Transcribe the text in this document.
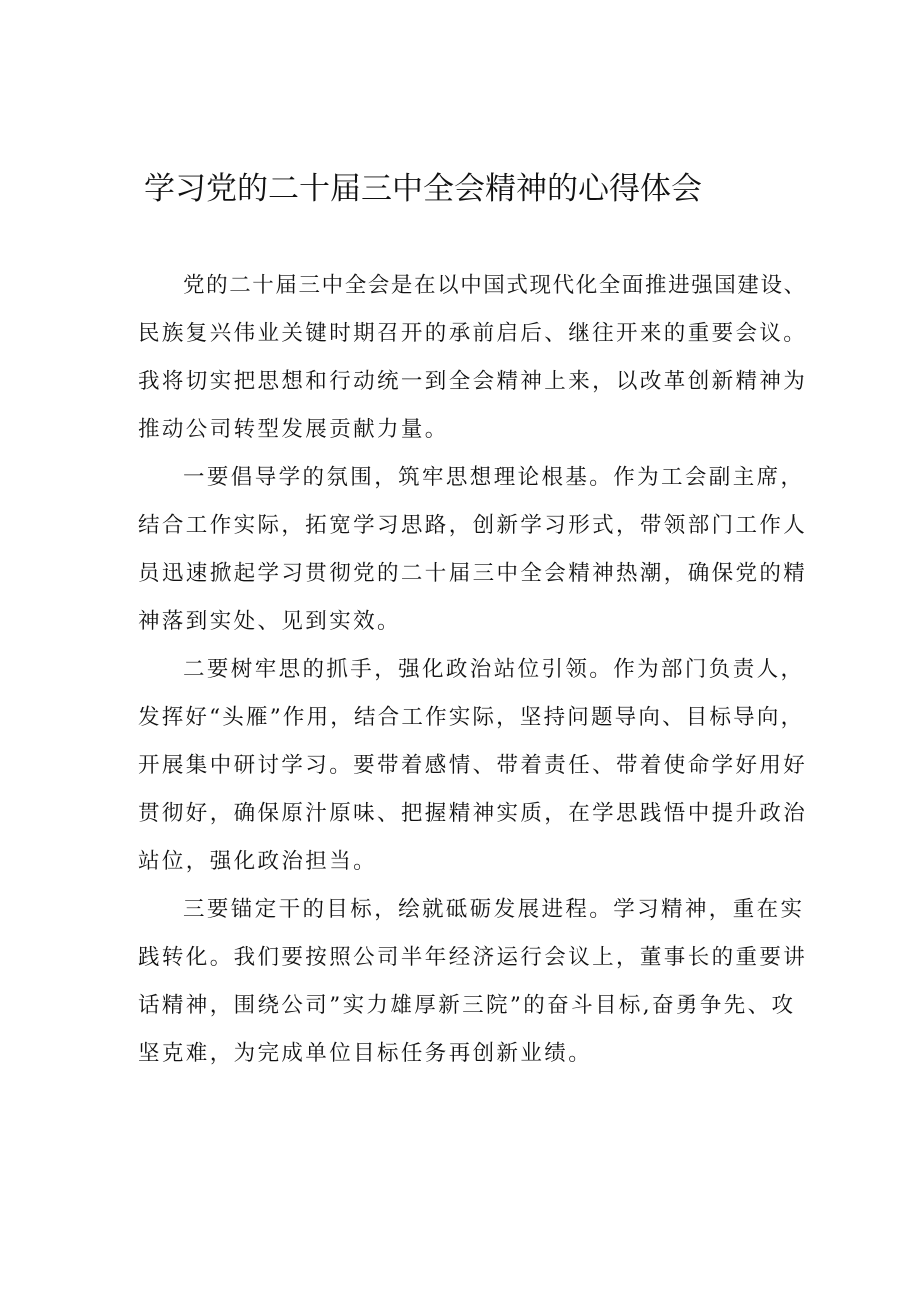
学习党的二十届三中全会精神的心得体会

党的二十届三中全会是在以中国式现代化全面推进强国建设、
民族复兴伟业关键时期召开的承前启后、继往开来的重要会议。
我将切实把思想和行动统一到全会精神上来，以改革创新精神为
推动公司转型发展贡献力量。

一要倡导学的氛围，筑牢思想理论根基。作为工会副主席，
结合工作实际，拓宽学习思路，创新学习形式，带领部门工作人
员迅速掀起学习贯彻党的二十届三中全会精神热潮，确保党的精
神落到实处、见到实效。

二要树牢思的抓手，强化政治站位引领。作为部门负责人，
发挥好“头雁”作用，结合工作实际，坚持问题导向、目标导向，
开展集中研讨学习。要带着感情、带着责任、带着使命学好用好
贯彻好，确保原汁原味、把握精神实质，在学思践悟中提升政治
站位，强化政治担当。

三要锚定干的目标，绘就砥砺发展进程。学习精神，重在实
践转化。我们要按照公司半年经济运行会议上，董事长的重要讲
话精神，围绕公司”实力雄厚新三院”的奋斗目标,奋勇争先、攻
坚克难，为完成单位目标任务再创新业绩。
